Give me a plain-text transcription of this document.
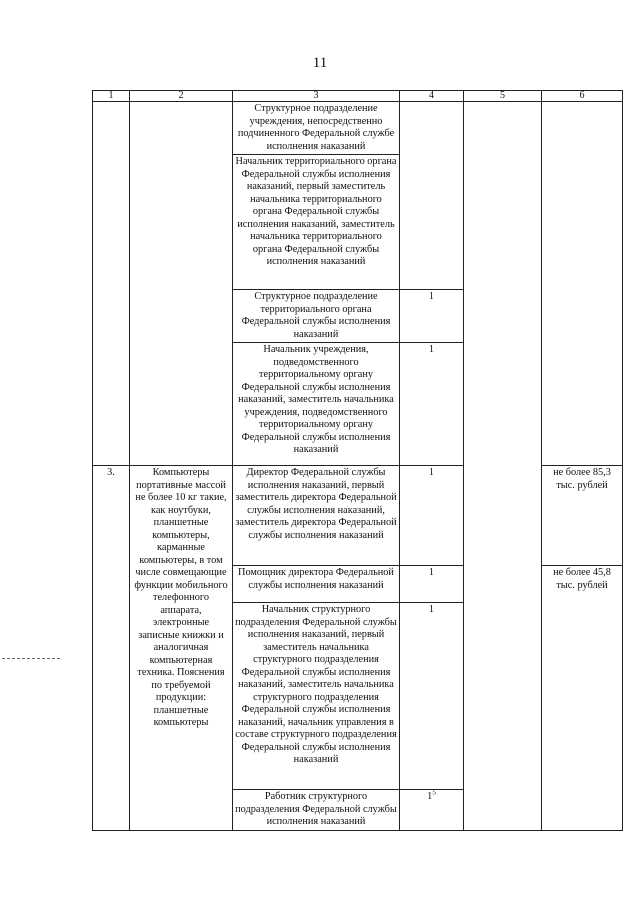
11
1	2	3	4	5	6
		Структурное подразделение учреждения, непосредственно подчиненного Федеральной службе исполнения наказаний			
		Начальник территориального органа Федеральной службы исполнения наказаний, первый заместитель начальника территориального органа Федеральной службы исполнения наказаний, заместитель начальника территориального органа Федеральной службы исполнения наказаний			
		Структурное подразделение территориального органа Федеральной службы исполнения наказаний	1		
		Начальник учреждения, подведомственного территориальному органу Федеральной службы исполнения наказаний, заместитель начальника учреждения, подведомственного территориальному органу Федеральной службы исполнения наказаний	1		
3.	Компьютеры портативные массой не более 10 кг такие, как ноутбуки, планшетные компьютеры, карманные компьютеры, в том числе совмещающие функции мобильного телефонного аппарата, электронные записные книжки и аналогичная компьютерная техника. Пояснения по требуемой продукции: планшетные компьютеры	Директор Федеральной службы исполнения наказаний, первый заместитель директора Федеральной службы исполнения наказаний, заместитель директора Федеральной службы исполнения наказаний	1		не более 85,3 тыс. рублей
		Помощник директора Федеральной службы исполнения наказаний	1		не более 45,8 тыс. рублей
		Начальник структурного подразделения Федеральной службы исполнения наказаний, первый заместитель начальника структурного подразделения Федеральной службы исполнения наказаний, заместитель начальника структурного подразделения Федеральной службы исполнения наказаний, начальник управления в составе структурного подразделения Федеральной службы исполнения наказаний	1		
		Работник структурного подразделения Федеральной службы исполнения наказаний	$1^5$
